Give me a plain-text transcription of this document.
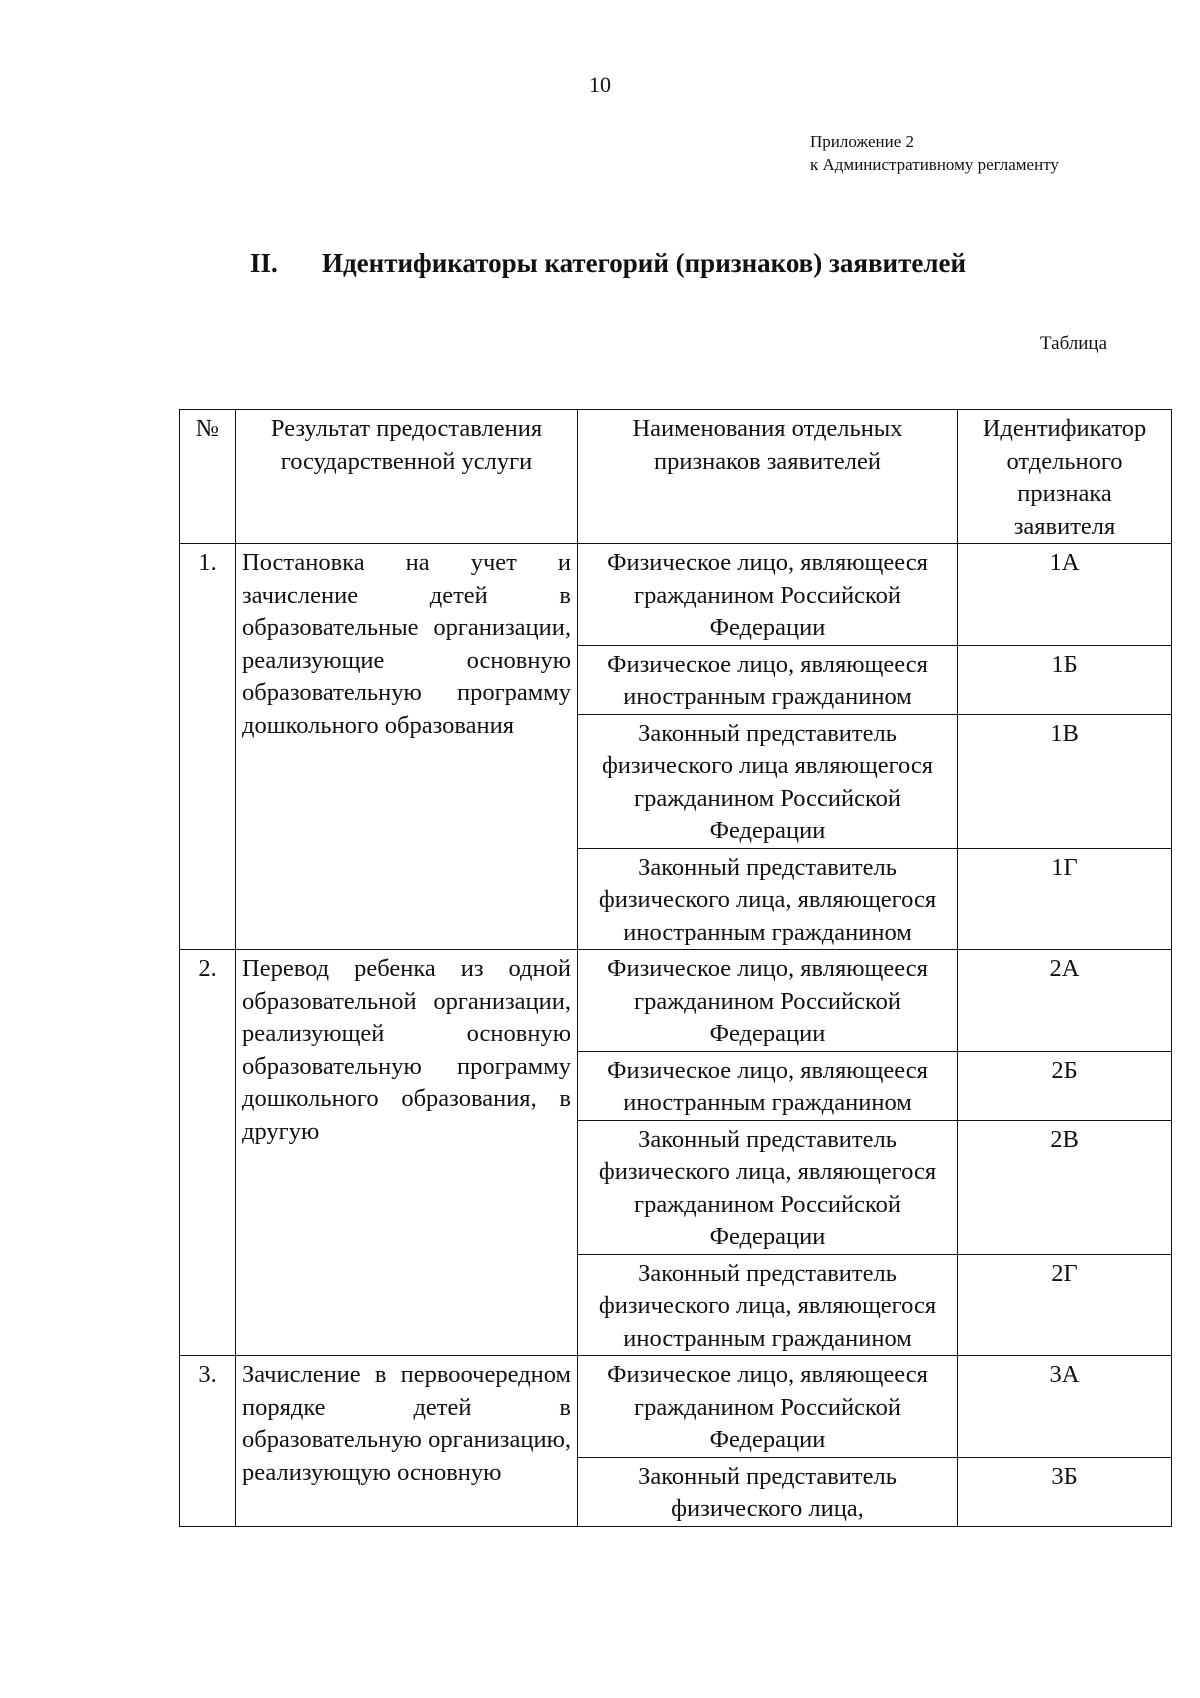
10
Приложение 2
к Административному регламенту
II. Идентификаторы категорий (признаков) заявителей
Таблица
№	Результат предоставления государственной услуги	Наименования отдельных признаков заявителей	Идентификатор отдельного признака заявителя
1.	Постановка на учет и зачисление детей в образовательные организации, реализующие основную образовательную программу дошкольного образования	Физическое лицо, являющееся гражданином Российской Федерации	1А
		Физическое лицо, являющееся иностранным гражданином	1Б
		Законный представитель физического лица являющегося гражданином Российской Федерации	1В
		Законный представитель физического лица, являющегося иностранным гражданином	1Г
2.	Перевод ребенка из одной образовательной организации, реализующей основную образовательную программу дошкольного образования, в другую	Физическое лицо, являющееся гражданином Российской Федерации	2А
		Физическое лицо, являющееся иностранным гражданином	2Б
		Законный представитель физического лица, являющегося гражданином Российской Федерации	2В
		Законный представитель физического лица, являющегося иностранным гражданином	2Г
3.	Зачисление в первоочередном порядке детей в образовательную организацию, реализующую основную	Физическое лицо, являющееся гражданином Российской Федерации	3А
		Законный представитель физического лица,	3Б
